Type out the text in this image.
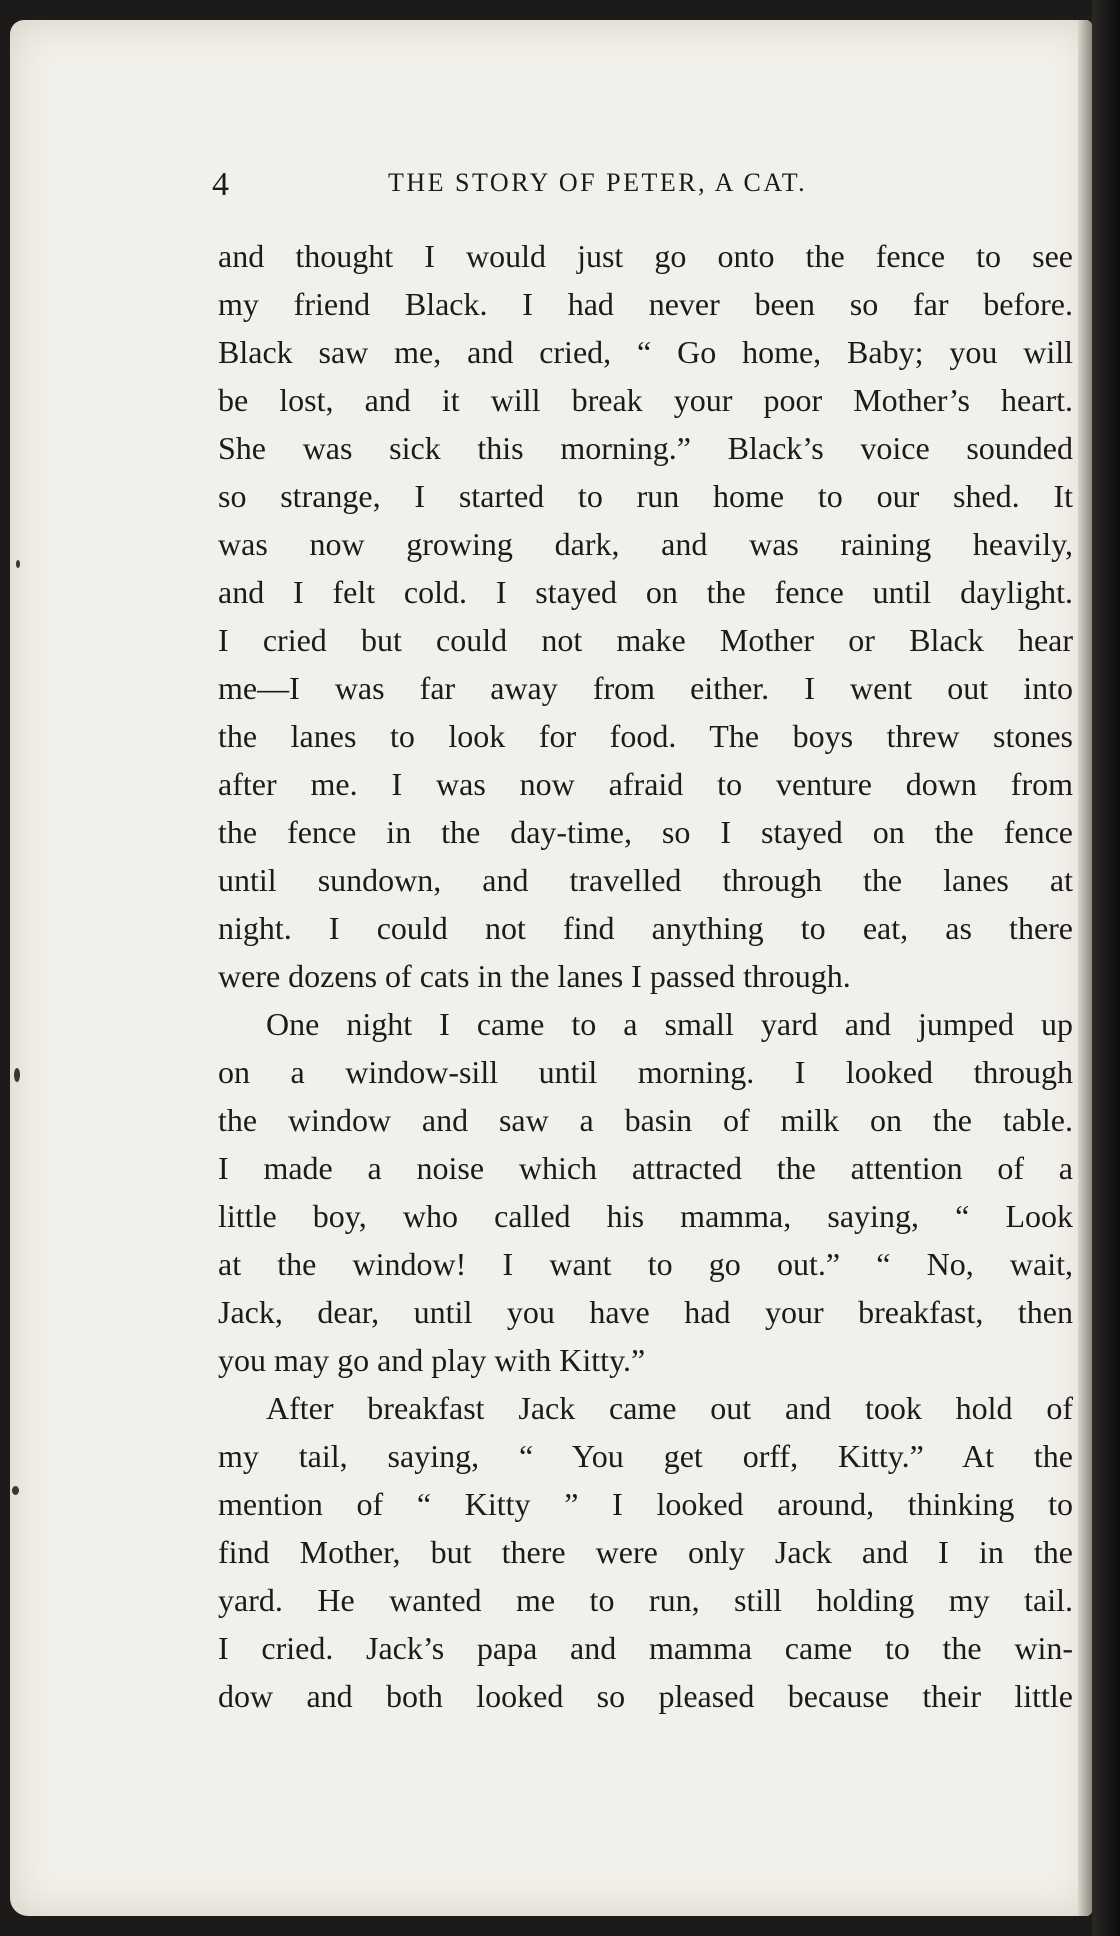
4	THE STORY OF PETER, A CAT.
and thought I would just go onto the fence to see
my friend Black. I had never been so far before.
Black saw me, and cried, “ Go home, Baby; you will
be lost, and it will break your poor Mother’s heart.
She was sick this morning.” Black’s voice sounded
so strange, I started to run home to our shed. It
was now growing dark, and was raining heavily,
and I felt cold. I stayed on the fence until daylight.
I cried but could not make Mother or Black hear
me—I was far away from either. I went out into
the lanes to look for food. The boys threw stones
after me. I was now afraid to venture down from
the fence in the day-time, so I stayed on the fence
until sundown, and travelled through the lanes at
night. I could not find anything to eat, as there
were dozens of cats in the lanes I passed through.
One night I came to a small yard and jumped up
on a window-sill until morning. I looked through
the window and saw a basin of milk on the table.
I made a noise which attracted the attention of a
little boy, who called his mamma, saying, “ Look
at the window! I want to go out.” “ No, wait,
Jack, dear, until you have had your breakfast, then
you may go and play with Kitty.”
After breakfast Jack came out and took hold of
my tail, saying, “ You get orff, Kitty.” At the
mention of “ Kitty ” I looked around, thinking to
find Mother, but there were only Jack and I in the
yard. He wanted me to run, still holding my tail.
I cried. Jack’s papa and mamma came to the win-
dow and both looked so pleased because their little
